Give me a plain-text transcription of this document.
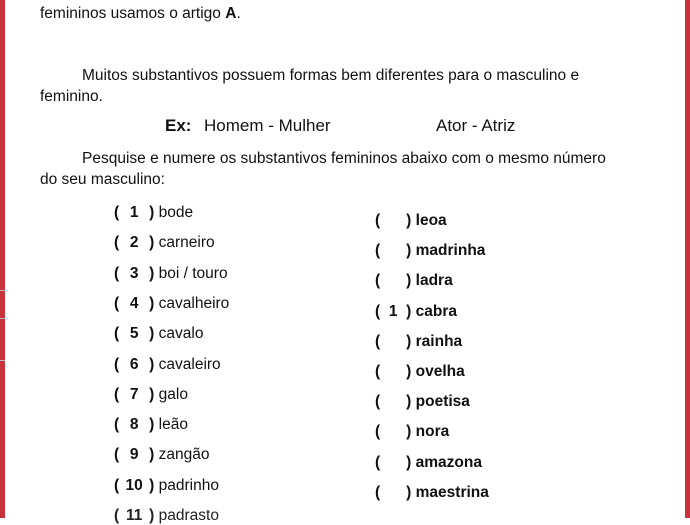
femininos usamos o artigo A.
Muitos substantivos possuem formas bem diferentes para o masculino e
feminino.
Ex: Homem - Mulher	Ator - Atriz
Pesquise e numere os substantivos femininos abaixo com o mesmo número
do seu masculino:
( 1 ) bode
( 2 ) carneiro
( 3 ) boi / touro
( 4 ) cavalheiro
( 5 ) cavalo
( 6 ) cavaleiro
( 7 ) galo
( 8 ) leão
( 9 ) zangão
( 10 ) padrinho
( 11 ) padrasto
( ) leoa
( ) madrinha
( ) ladra
( 1 ) cabra
( ) rainha
( ) ovelha
( ) poetisa
( ) nora
( ) amazona
( ) maestrina
